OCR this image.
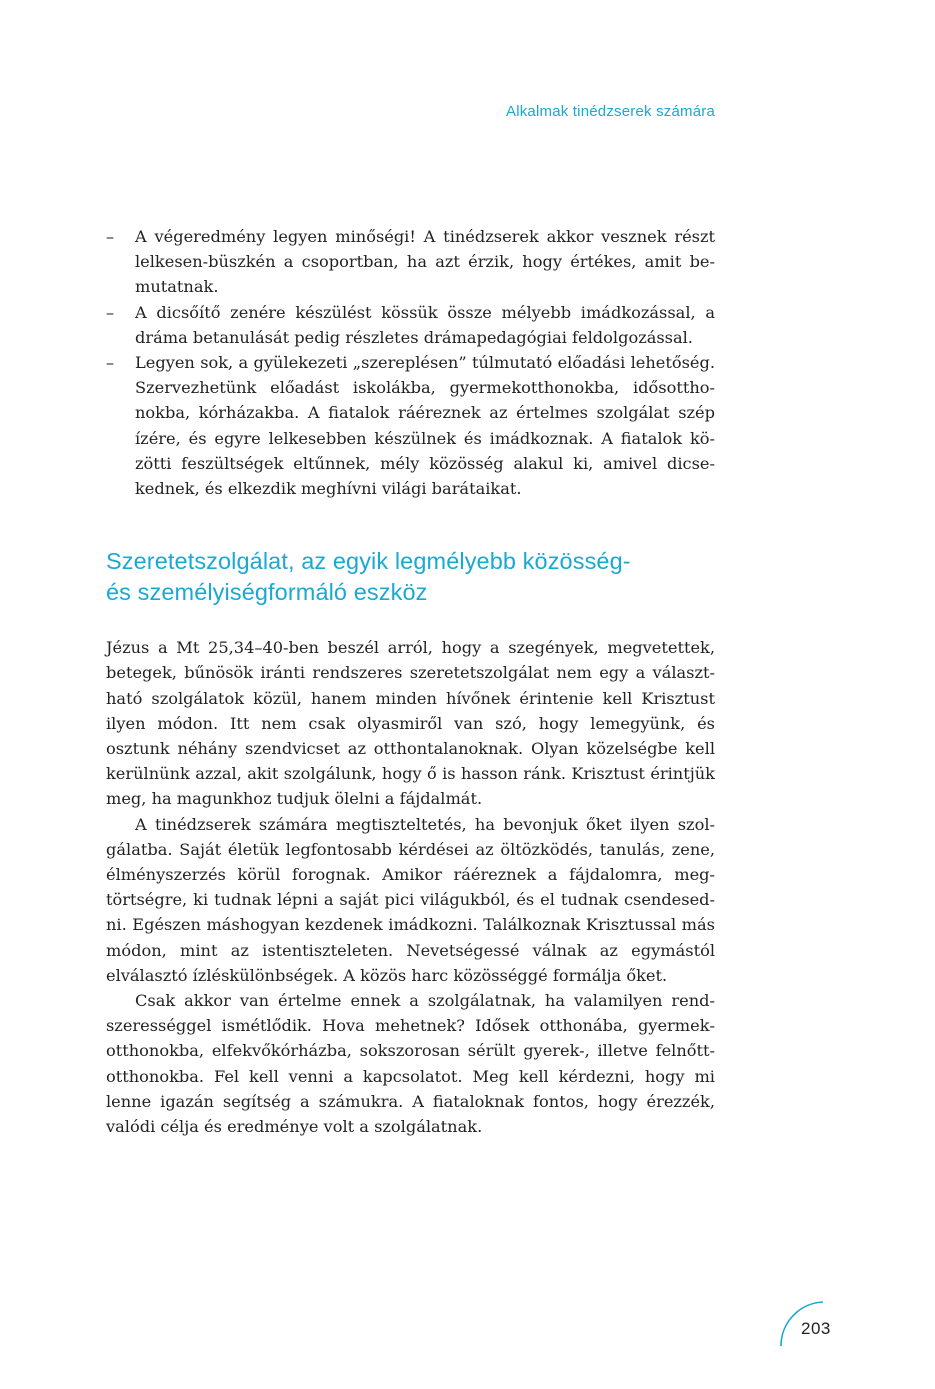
Alkalmak tinédzserek számára
– A végeredmény legyen minőségi! A tinédzserek akkor vesznek részt lelkesen-büszkén a csoportban, ha azt érzik, hogy értékes, amit bemutatnak.
– A dicsőítő zenére készülést kössük össze mélyebb imádkozással, a dráma betanulását pedig részletes drámapedagógiai feldolgozással.
– Legyen sok, a gyülekezeti „szereplésen” túlmutató előadási lehetőség. Szervezhetünk előadást iskolákba, gyermekotthonokba, idősotthonokba, kórházakba. A fiatalok ráéreznek az értelmes szolgálat szép ízére, és egyre lelkesebben készülnek és imádkoznak. A fiatalok közötti feszültségek eltűnnek, mély közösség alakul ki, amivel dicsekednek, és elkezdik meghívni világi barátaikat.
Szeretetszolgálat, az egyik legmélyebb közösség-
és személyiségformáló eszköz

Jézus a Mt 25,34–40-ben beszél arról, hogy a szegények, megvetettek, betegek, bűnösök iránti rendszeres szeretetszolgálat nem egy a választható szolgálatok közül, hanem minden hívőnek érintenie kell Krisztust ilyen módon. Itt nem csak olyasmiről van szó, hogy lemegyünk, és osztunk néhány szendvicset az otthontalanoknak. Olyan közelségbe kell kerülnünk azzal, akit szolgálunk, hogy ő is hasson ránk. Krisztust érintjük meg, ha magunkhoz tudjuk ölelni a fájdalmát.

A tinédzserek számára megtiszteltetés, ha bevonjuk őket ilyen szolgálatba. Saját életük legfontosabb kérdései az öltözködés, tanulás, zene, élményszerzés körül forognak. Amikor ráéreznek a fájdalomra, megtörtségre, ki tudnak lépni a saját pici világukból, és el tudnak csendesedni. Egészen máshogyan kezdenek imádkozni. Találkoznak Krisztussal más módon, mint az istentiszteleten. Nevetségessé válnak az egymástól elválasztó ízléskülönbségek. A közös harc közösséggé formálja őket.

Csak akkor van értelme ennek a szolgálatnak, ha valamilyen rendszerességgel ismétlődik. Hova mehetnek? Idősek otthonába, gyermekotthonokba, elfekvőkórházba, sokszorosan sérült gyerek-, illetve felnőttotthonokba. Fel kell venni a kapcsolatot. Meg kell kérdezni, hogy mi lenne igazán segítség a számukra. A fiataloknak fontos, hogy érezzék, valódi célja és eredménye volt a szolgálatnak.

203
